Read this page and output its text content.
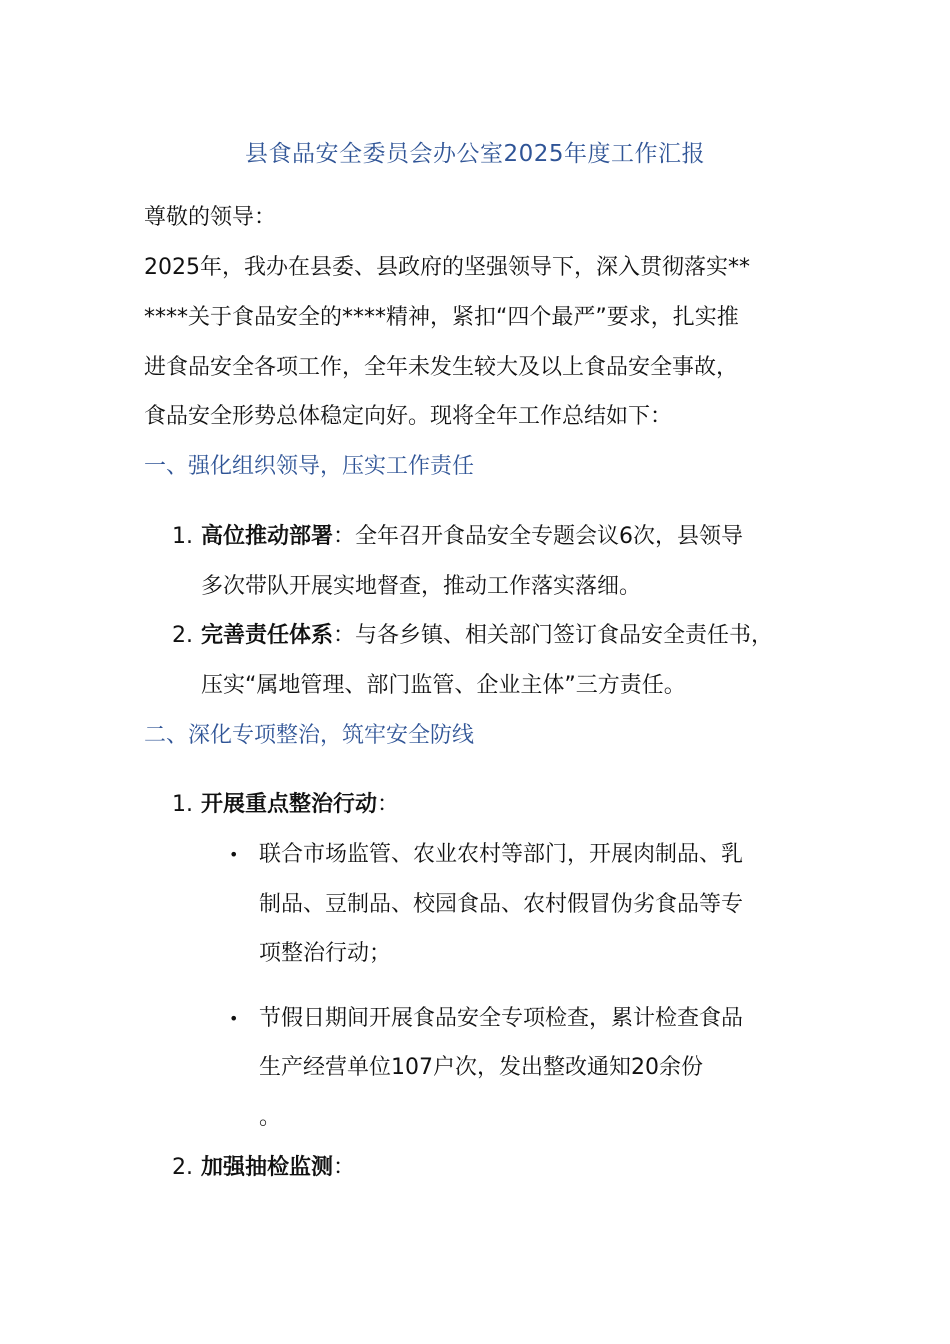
县食品安全委员会办公室2025年度工作汇报
尊敬的领导：
2025年，我办在县委、县政府的坚强领导下，深入贯彻落实**
****关于食品安全的****精神，紧扣“四个最严”要求，扎实推
进食品安全各项工作，全年未发生较大及以上食品安全事故，
食品安全形势总体稳定向好。现将全年工作总结如下：
一、强化组织领导，压实工作责任
1. 高位推动部署：全年召开食品安全专题会议6次，县领导
多次带队开展实地督查，推动工作落实落细。
2. 完善责任体系：与各乡镇、相关部门签订食品安全责任书，
压实“属地管理、部门监管、企业主体”三方责任。
二、深化专项整治，筑牢安全防线
1. 开展重点整治行动：
• 联合市场监管、农业农村等部门，开展肉制品、乳
制品、豆制品、校园食品、农村假冒伪劣食品等专
项整治行动；
• 节假日期间开展食品安全专项检查，累计检查食品
生产经营单位107户次，发出整改通知20余份
。
2. 加强抽检监测：
